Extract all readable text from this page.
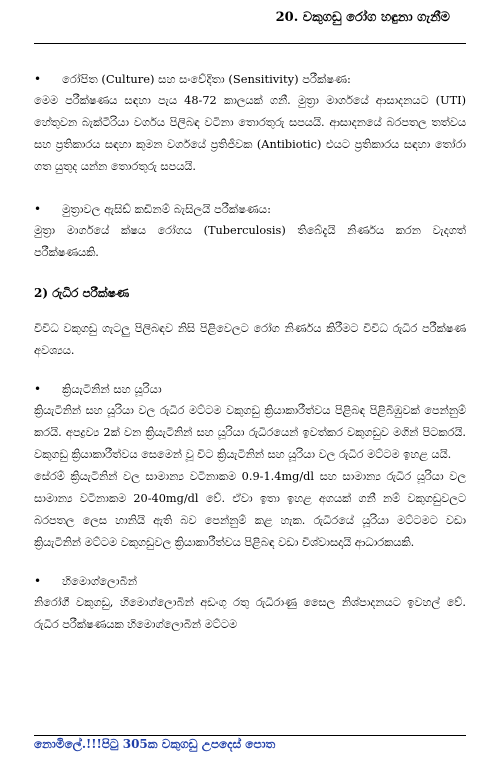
20. වකුගඩු රෝග හඳුනා ගැනීම
•	රෝපිත (Culture) සහ සංවේදිතා (Sensitivity) පරීක්ෂණ:

මෙම පරීක්ෂණය සඳහා පැය 48-72 කාලයක් ගනී. මුත්‍රා මාර්ගයේ ආසාදනයට (UTI) හේතුවන බැක්ටීරියා වර්ගය පිලිබඳ වටිනා තොරතුරු සපයයි. ආසාදනයේ බරපතල තත්වය සහ ප්‍රතිකාරය සඳහා කුමන වර්ගයේ ප්‍රතිජීවක (Antibiotic) එයට ප්‍රතිකාරය සඳහා තෝරා ගත යුතුද යන්න තොරතුරු සපයයි.

•	මුත්‍රාවල ඇසිඩ් කඩිනම් බැසිලයි පරීක්ෂණය:

මුත්‍රා මාර්ගයේ ක්ෂය රෝගය (Tuberculosis) තිබේදැයි නිර්ණය කරන වැදගත් පරීක්ෂණයකි.

2) රුධිර පරීක්ෂණ

විවිධ වකුගඩු ගැටලු පිලිබඳව නිසි පිළිවෙලට රෝග නිර්ණය කිරීමට විවිධ රුධිර පරීක්ෂණ අවශ්‍යය.

•	ක්‍රියැටිනින් සහ යූරියා

ක්‍රියැටිනින් සහ යූරියා වල රුධිර මට්ටම වකුගඩු ක්‍රියාකාරීත්වය පිළිබඳ පිළිබිඹුවක් පෙන්නුම් කරයි. අපද්‍රව්‍ය 2ක් වන ක්‍රියැටිනින් සහ යූරියා රුධිරයෙන් ඉවත්කර වකුගඩුව මගින් පිටකරයි. වකුගඩු ක්‍රියාකාරීත්වය සෙමෙන් වූ විට ක්‍රියැටිනින් සහ යූරියා වල රුධිර මට්ටම ඉහළ යයි.

සේරම් ක්‍රියැටිනින් වල සාමාන්‍ය වටිනාකම 0.9-1.4mg/dl සහ සාමාන්‍ය රුධිර යූරියා වල සාමාන්‍ය වටිනාකම 20-40mg/dl වේ. ඒවා ඉතා ඉහළ අගයක් ගනී නම් වකුගඩුවලට බරපතල ලෙස හානියි ඇති බව පෙන්නුම් කළ හැක. රුධිරයේ යූරියා මට්ටමට වඩා ක්‍රියැටිනින් මට්ටම වකුගඩුවල ක්‍රියාකාරීත්වය පිළිබඳ වඩා විශ්වාසදායි ආධාරකයකි.

•	හිමොග්ලොබින්

නිරෝගී වකුගඩු, හිමොග්ලොබින් අඩංගු රතු රුධිරාණු සෛල නිශ්පාදනයට ඉවහල් වේ. රුධිර පරීක්ෂණයක හිමොග්ලොබින් මට්ටම

නොමිලේ.!!!පිටු 305ක වකුගඩු උපදෙස් පොත
